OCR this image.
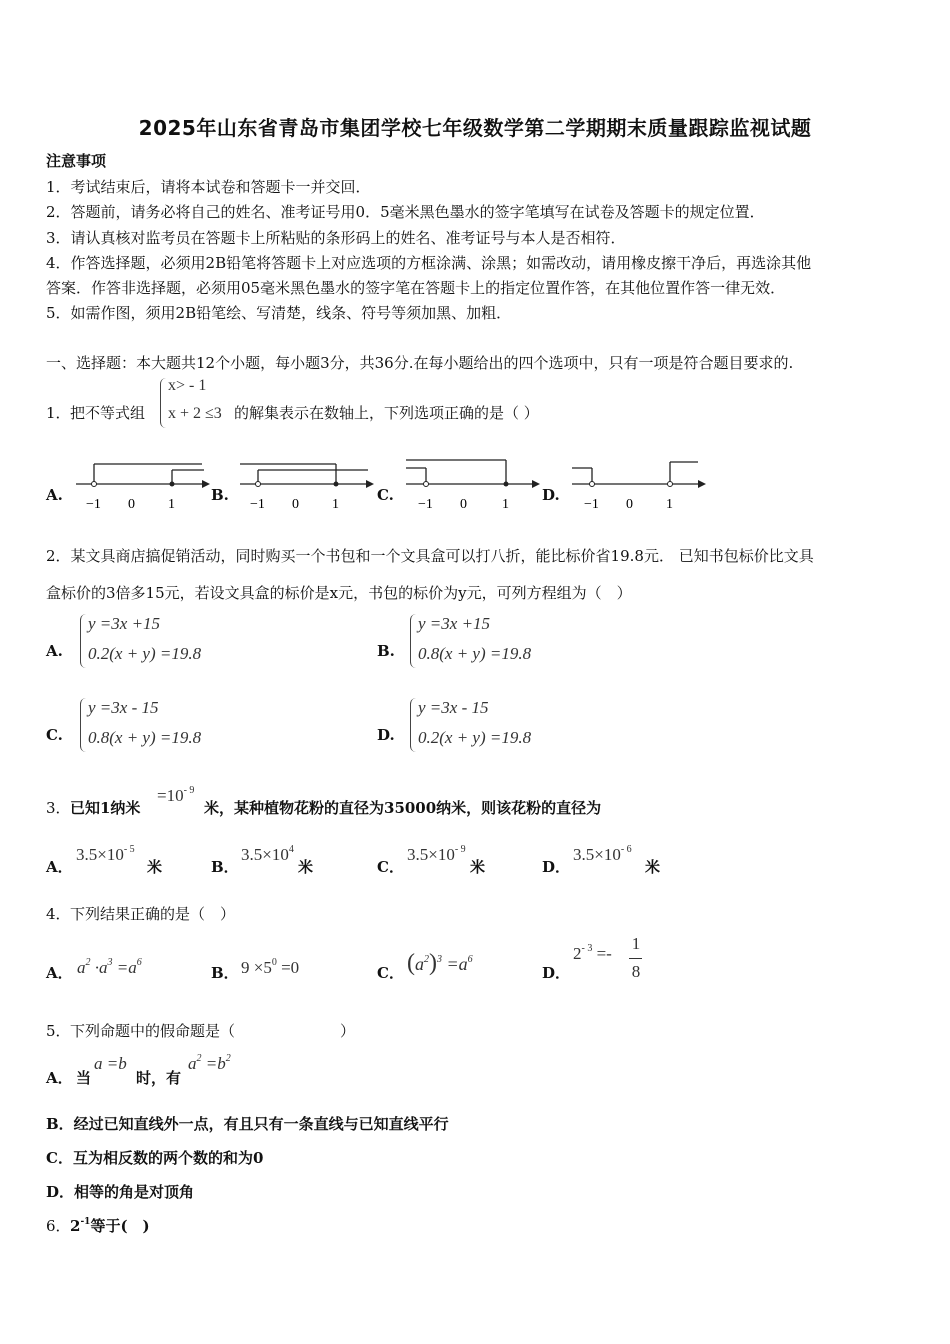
2025年山东省青岛市集团学校七年级数学第二学期期末质量跟踪监视试题
注意事项
1．考试结束后，请将本试卷和答题卡一并交回．
2．答题前，请务必将自己的姓名、准考证号用0．5毫米黑色墨水的签字笔填写在试卷及答题卡的规定位置．
3．请认真核对监考员在答题卡上所粘贴的条形码上的姓名、准考证号与本人是否相符．
4．作答选择题，必须用2B铅笔将答题卡上对应选项的方框涂满、涂黑；如需改动，请用橡皮擦干净后，再选涂其他
答案．作答非选择题，必须用05毫米黑色墨水的签字笔在答题卡上的指定位置作答，在其他位置作答一律无效．
5．如需作图，须用2B铅笔绘、写清楚，线条、符号等须加黑、加粗．
一、选择题：本大题共12个小题，每小题3分，共36分.在每小题给出的四个选项中，只有一项是符合题目要求的.
1． 把不等式组
x> - 1
x + 2 ≤3 的解集表示在数轴上，下列选项正确的是（ ）
A.
−1 0 1
B.
−1 0 1
C.
−1 0	1
D.
−1 0 1
2．某文具商店搞促销活动，同时购买一个书包和一个文具盒可以打八折，能比标价省19.8元． 已知书包标价比文具
盒标价的3倍多15元，若设文具盒的标价是x元，书包的标价为y元，可列方程组为（　）
A.
y =3x +15
0.2(x + y) =19.8	B.
y =3x +15
0.8(x + y) =19.8
C.
y =3x - 15
0.8(x + y) =19.8	D.
y =3x - 15
0.2(x + y) =19.8
3． 已知1纳米
$=10^{- 9}$
米，某种植物花粉的直径为35000纳米，则该花粉的直径为
A．
$3.5\times 10^{- 5}$
米	B．
$3.5\times 10^4$
米	C．
$3.5\times 10^{- 9}$
米	D．
$3.5\times 10^{- 6}$
米
4． 下列结果正确的是（　）
A． $a^2 \cdot a^3 =a^6$
B． $9 \times 5^0 =0$	C． $(a^2)^3 =a^6$
D．
$2^{- 3}$ =-
1
8
5． 下列命题中的假命题是（　　　　　　　）
A． 当
a =b
时，有
$a^2 =b^2$
B．经过已知直线外一点，有且只有一条直线与已知直线平行
C．互为相反数的两个数的和为0
D．相等的角是对顶角
6． $2^{-1}$等于(　)
